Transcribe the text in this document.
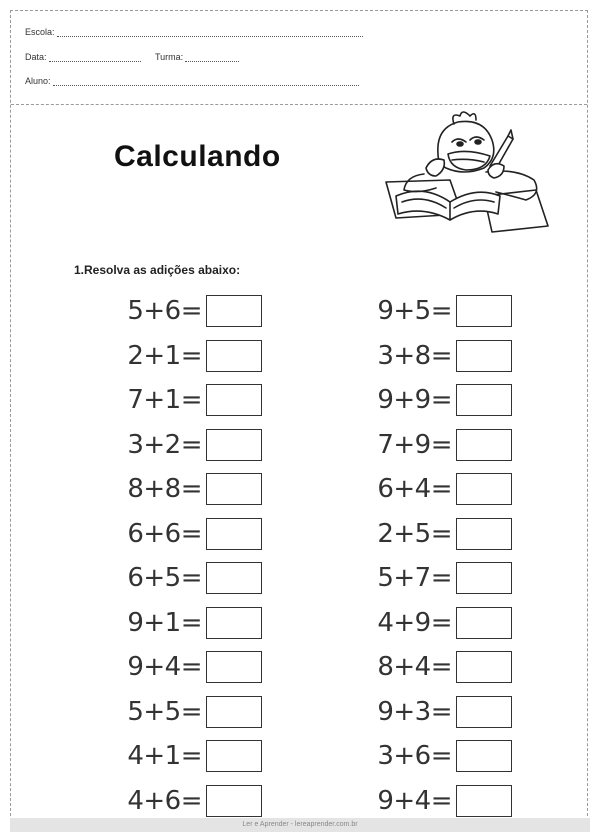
Escola:
Data:	Turma:
Aluno:
Calculando
1.Resolva as adições abaixo:
5+6=
2+1=
7+1=
3+2=
8+8=
6+6=
6+5=
9+1=
9+4=
5+5=
4+1=
4+6=
9+5=
3+8=
9+9=
7+9=
6+4=
2+5=
5+7=
4+9=
8+4=
9+3=
3+6=
9+4=
Ler e Aprender - lereaprender.com.br
